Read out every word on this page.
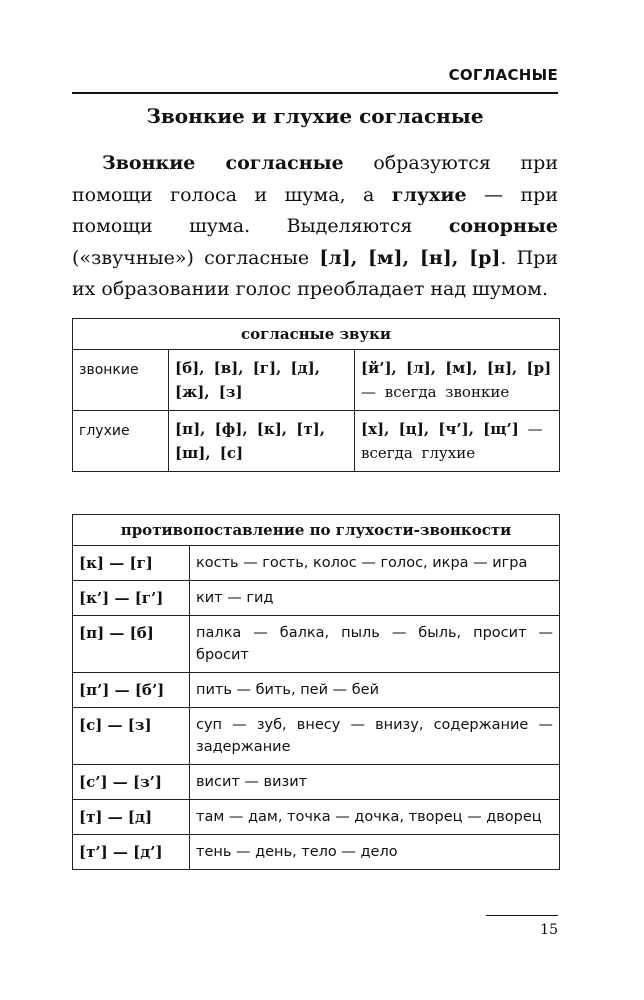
СОГЛАСНЫЕ
Звонкие и глухие согласные
Звонкие согласные образуются при помощи голоса и шума, а глухие — при помощи шума. Выделяются сонорные («звучные») согласные [л], [м], [н], [р]. При их образовании голос преобладает над шумом.
согласные звуки		
звонкие	[б], [в], [г], [д], [ж], [з]	[й’], [л], [м], [н], [р] — всегда звонкие
глухие	[п], [ф], [к], [т], [ш], [с]	[х], [ц], [ч’], [щ’] — всегда глухие
противопоставление по глухости-звонкости	
[к] — [г]	кость — гость, колос — голос, икра — игра
[к’] — [г’]	кит — гид
[п] — [б]	палка — балка, пыль — быль, просит — бросит
[п’] — [б’]	пить — бить, пей — бей
[с] — [з]	суп — зуб, внесу — внизу, содержание — задержание
[с’] — [з’]	висит — визит
[т] — [д]	там — дам, точка — дочка, творец — дворец
[т’] — [д’]	тень — день, тело — дело
15
